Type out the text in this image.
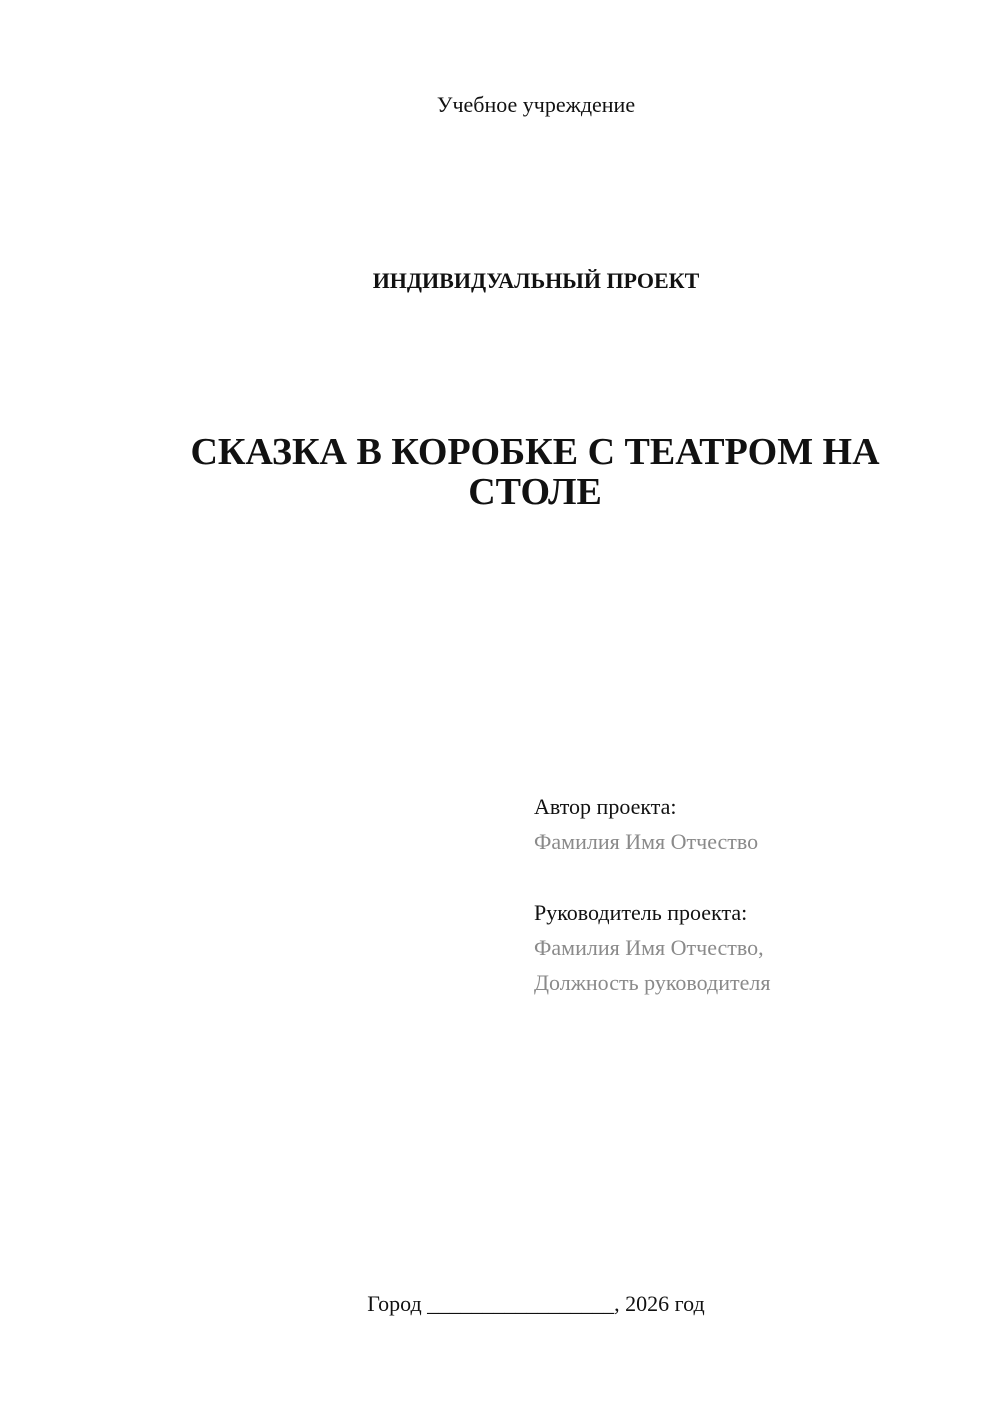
Учебное учреждение
ИНДИВИДУАЛЬНЫЙ ПРОЕКТ
СКАЗКА В КОРОБКЕ С ТЕАТРОМ НА
СТОЛЕ
Автор проекта:
Фамилия Имя Отчество
Руководитель проекта:
Фамилия Имя Отчество,
Должность руководителя
Город _________________, 2026 год
